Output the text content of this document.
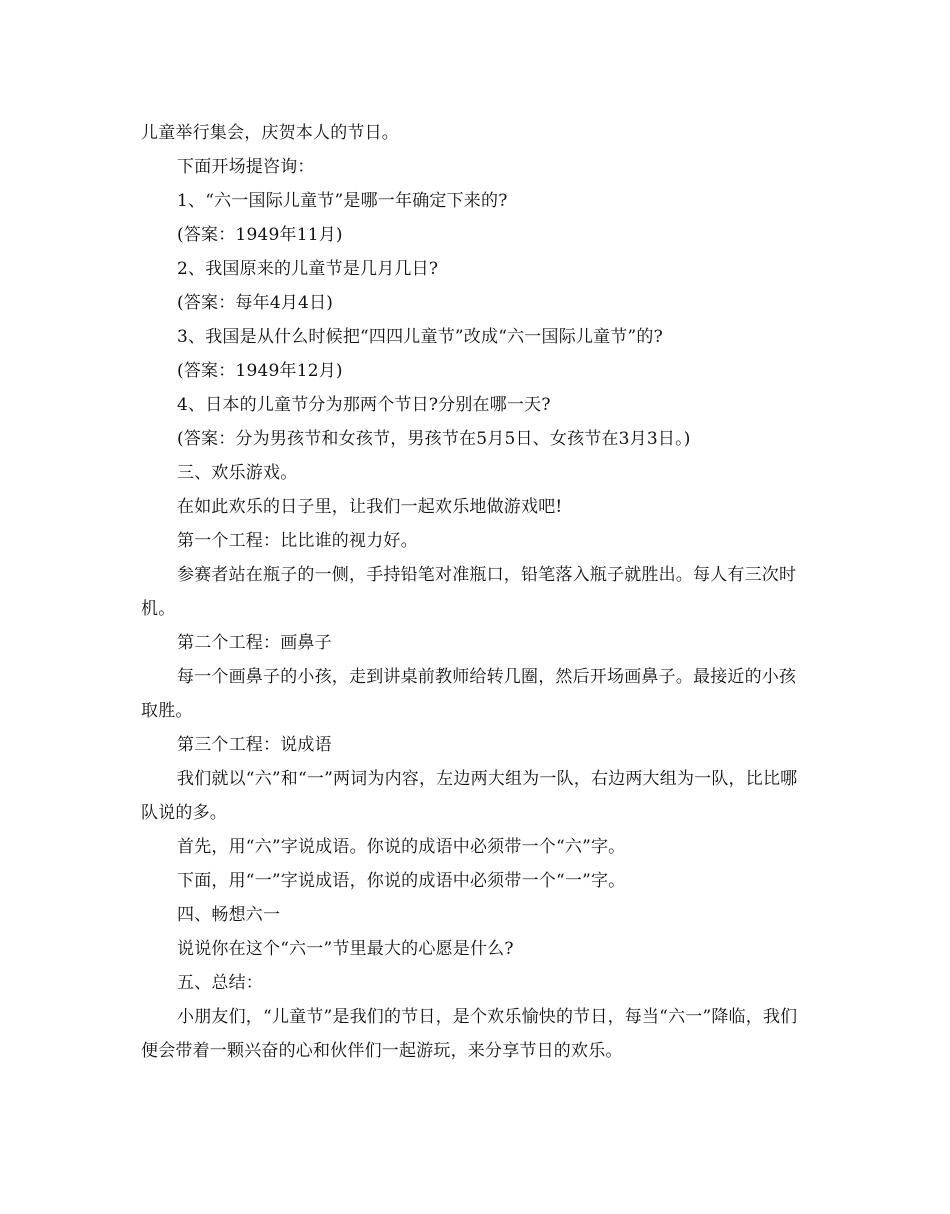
儿童举行集会，庆贺本人的节日。

下面开场提咨询：

1、“六一国际儿童节”是哪一年确定下来的?

(答案：1949年11月)

2、我国原来的儿童节是几月几日?

(答案：每年4月4日)

3、我国是从什么时候把“四四儿童节”改成“六一国际儿童节”的?

(答案：1949年12月)

4、日本的儿童节分为那两个节日?分别在哪一天?

(答案：分为男孩节和女孩节，男孩节在5月5日、女孩节在3月3日。)

三、欢乐游戏。

在如此欢乐的日子里，让我们一起欢乐地做游戏吧!

第一个工程：比比谁的视力好。

参赛者站在瓶子的一侧，手持铅笔对准瓶口，铅笔落入瓶子就胜出。每人有三次时机。

第二个工程：画鼻子

每一个画鼻子的小孩，走到讲桌前教师给转几圈，然后开场画鼻子。最接近的小孩取胜。

第三个工程：说成语

我们就以“六”和“一”两词为内容，左边两大组为一队，右边两大组为一队，比比哪队说的多。

首先，用“六”字说成语。你说的成语中必须带一个“六”字。

下面，用“一”字说成语，你说的成语中必须带一个“一”字。

四、畅想六一

说说你在这个“六一”节里最大的心愿是什么?

五、总结：

小朋友们，“儿童节”是我们的节日，是个欢乐愉快的节日，每当“六一”降临，我们便会带着一颗兴奋的心和伙伴们一起游玩，来分享节日的欢乐。
